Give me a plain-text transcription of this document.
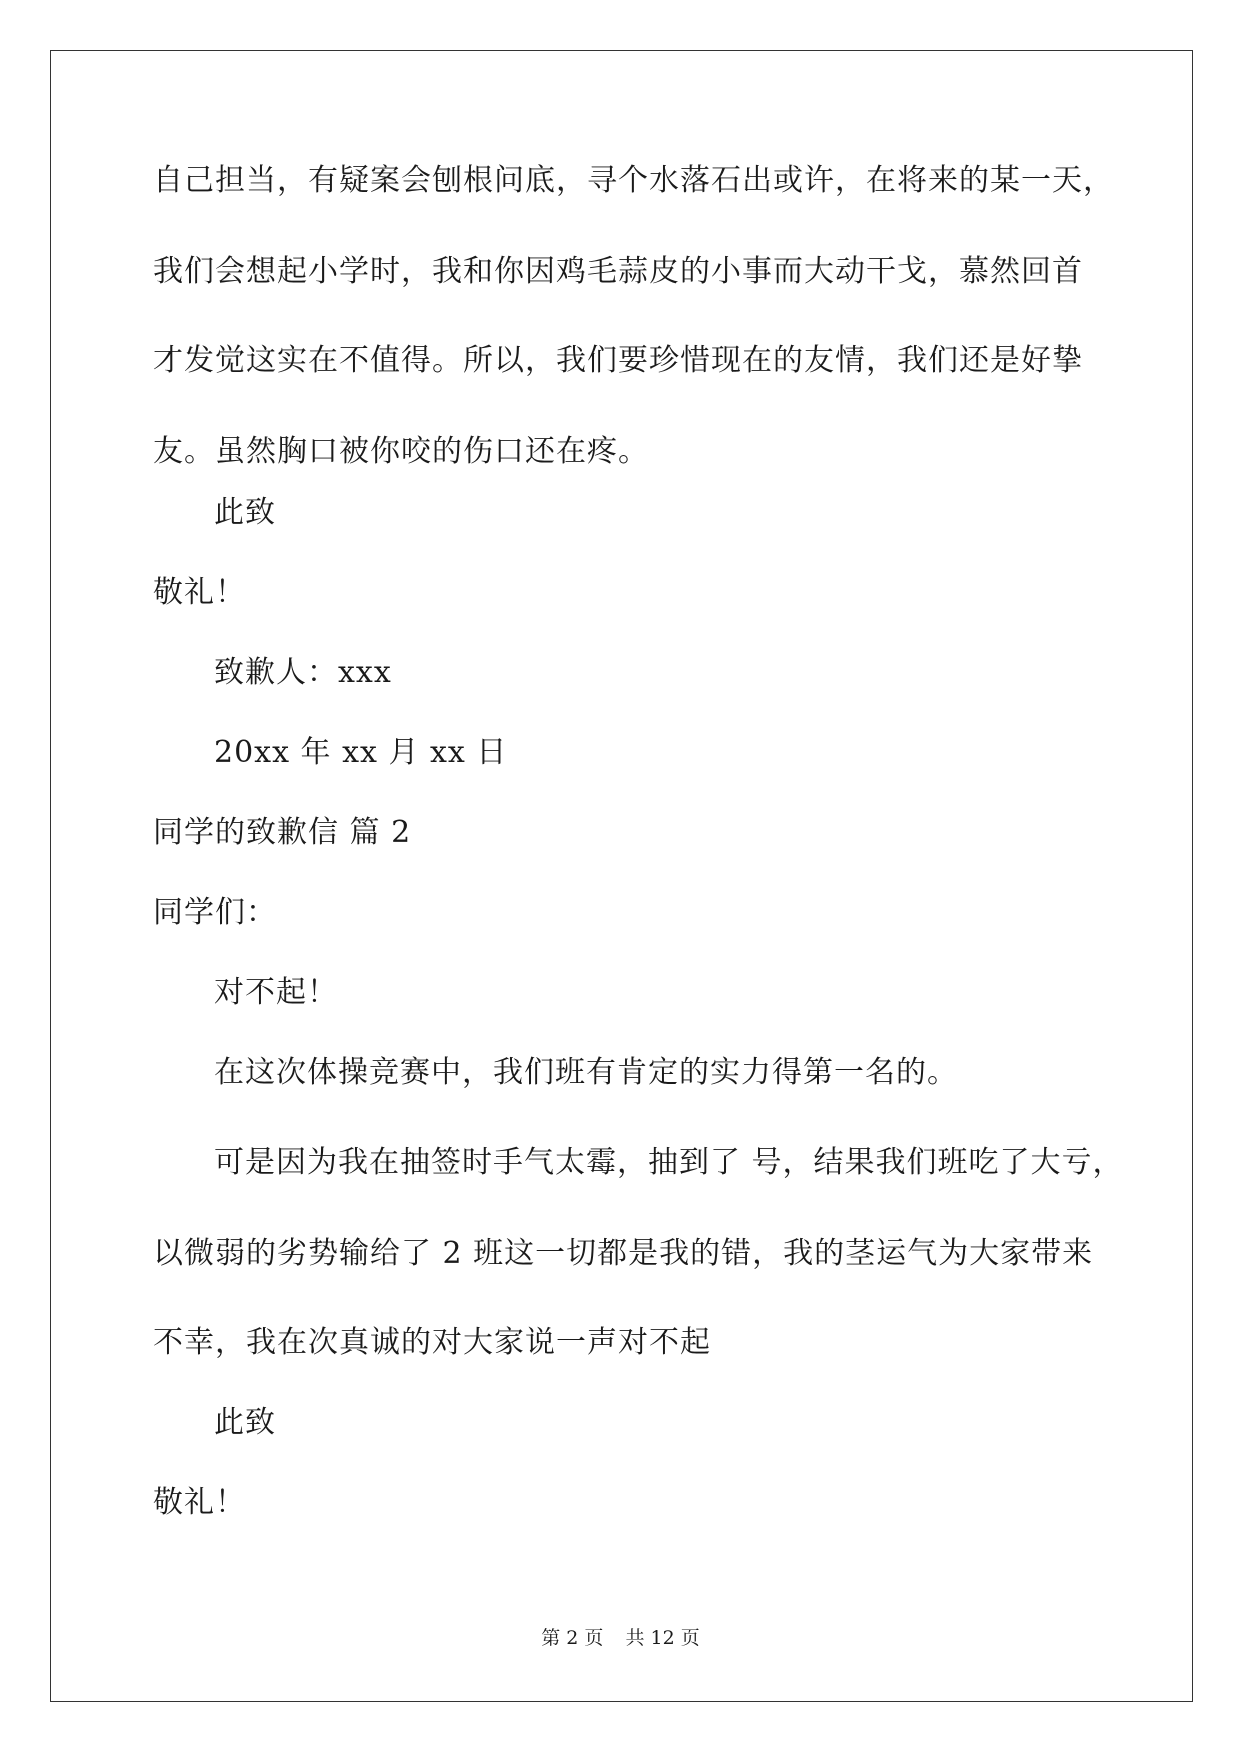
自己担当，有疑案会刨根问底，寻个水落石出或许，在将来的某一天，
我们会想起小学时，我和你因鸡毛蒜皮的小事而大动干戈，慕然回首
才发觉这实在不值得。所以，我们要珍惜现在的友情，我们还是好挚
友。虽然胸口被你咬的伤口还在疼。
此致
敬礼！
致歉人：xxx
20xx 年 xx 月 xx 日
同学的致歉信 篇 2
同学们：
对不起！
在这次体操竞赛中，我们班有肯定的实力得第一名的。
可是因为我在抽签时手气太霉，抽到了 号，结果我们班吃了大亏，
以微弱的劣势输给了 2 班这一切都是我的错，我的茎运气为大家带来
不幸，我在次真诚的对大家说一声对不起
此致
敬礼！
第 2 页 共 12 页
